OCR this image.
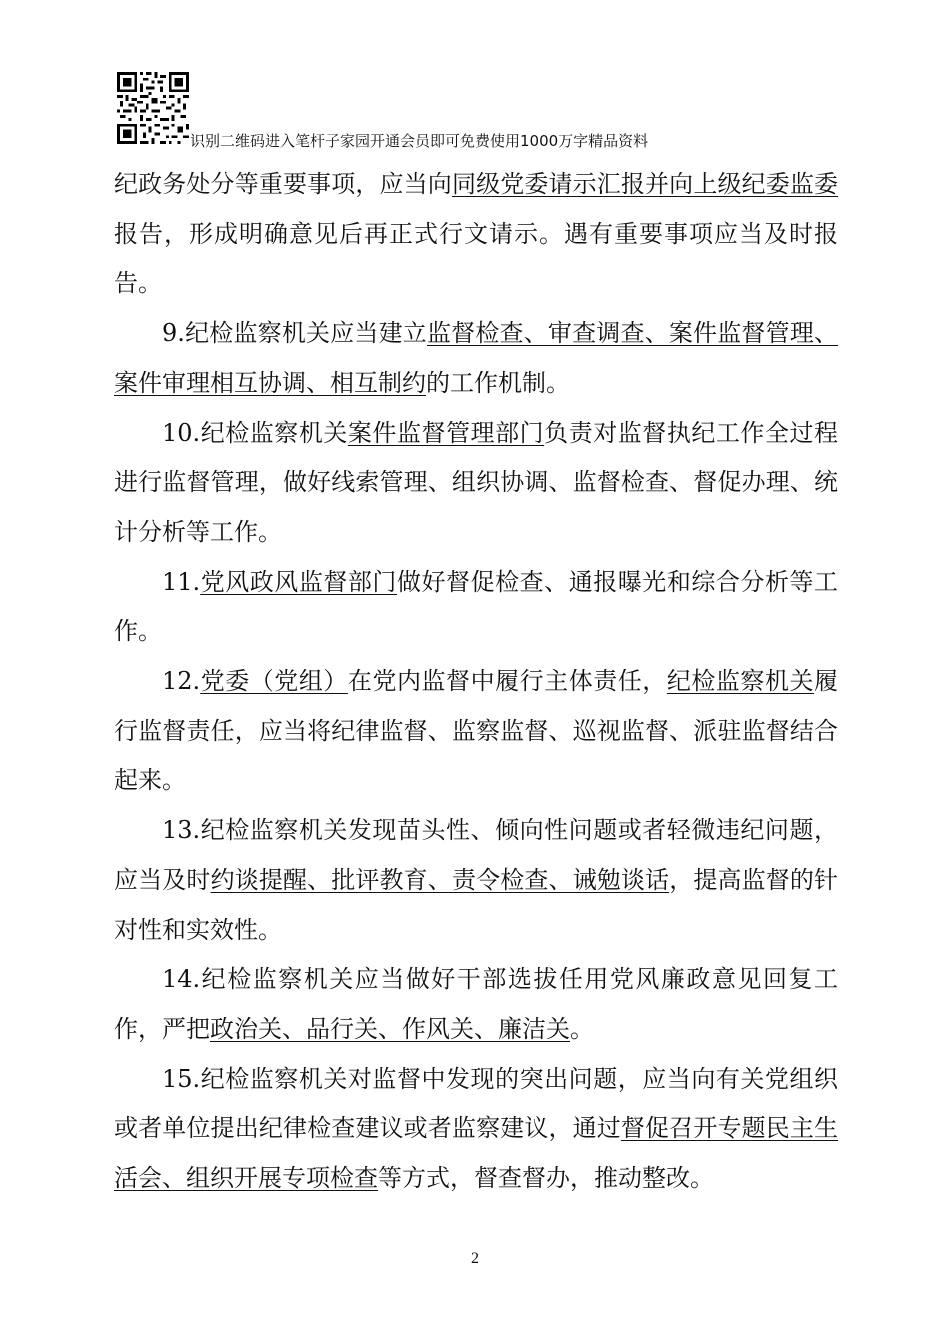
识别二维码进入笔杆子家园开通会员即可免费使用1000万字精品资料

纪政务处分等重要事项，应当向同级党委请示汇报并向上级纪委监委报告，形成明确意见后再正式行文请示。遇有重要事项应当及时报告。

9.纪检监察机关应当建立监督检查、审查调查、案件监督管理、案件审理相互协调、相互制约的工作机制。

10.纪检监察机关案件监督管理部门负责对监督执纪工作全过程进行监督管理，做好线索管理、组织协调、监督检查、督促办理、统计分析等工作。

11.党风政风监督部门做好督促检查、通报曝光和综合分析等工作。

12.党委（党组）在党内监督中履行主体责任，纪检监察机关履行监督责任，应当将纪律监督、监察监督、巡视监督、派驻监督结合起来。

13.纪检监察机关发现苗头性、倾向性问题或者轻微违纪问题，应当及时约谈提醒、批评教育、责令检查、诫勉谈话，提高监督的针对性和实效性。

14.纪检监察机关应当做好干部选拔任用党风廉政意见回复工作，严把政治关、品行关、作风关、廉洁关。

15.纪检监察机关对监督中发现的突出问题，应当向有关党组织或者单位提出纪律检查建议或者监察建议，通过督促召开专题民主生活会、组织开展专项检查等方式，督查督办，推动整改。

2
